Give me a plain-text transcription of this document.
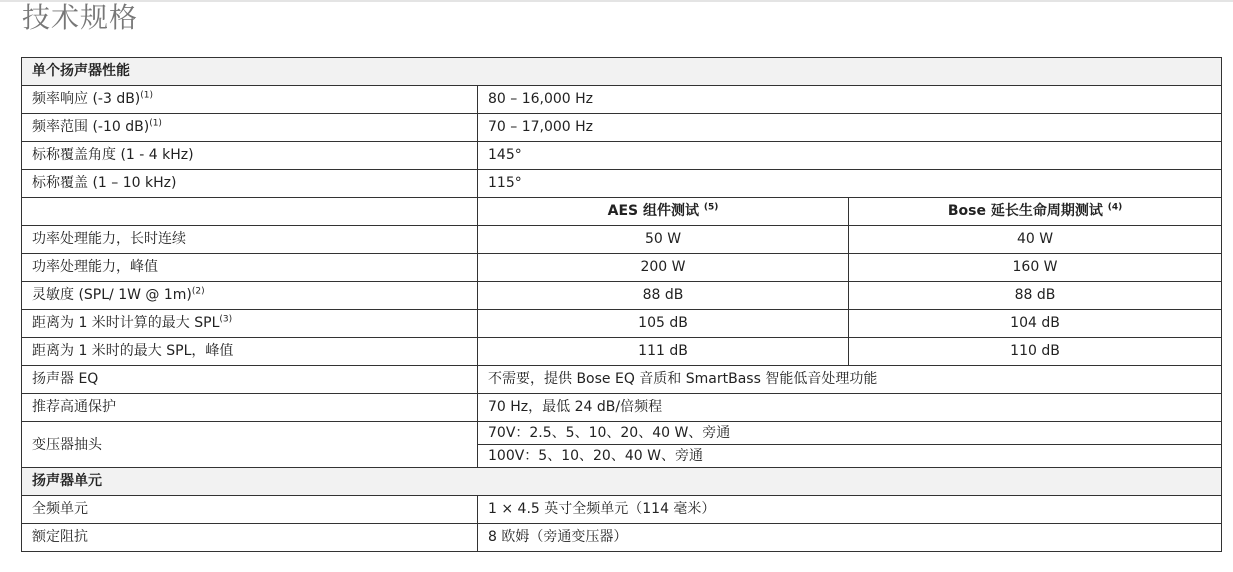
技术规格
单个扬声器性能		
频率响应 (-3 dB)$^{(1)}$	80 – 16,000 Hz	
频率范围 (-10 dB)$^{(1)}$	70 – 17,000 Hz	
标称覆盖角度 (1 - 4 kHz)	145°	
标称覆盖 (1 – 10 kHz)	115°	
	AES 组件测试 $^{(5)}$	Bose 延长生命周期测试 $^{(4)}$
功率处理能力，长时连续	50 W	40 W
功率处理能力，峰值	200 W	160 W
灵敏度 (SPL/ 1W @ 1m)$^{(2)}$	88 dB	88 dB
距离为 1 米时计算的最大 SPL$^{(3)}$	105 dB	104 dB
距离为 1 米时的最大 SPL，峰值	111 dB	110 dB
扬声器 EQ	不需要，提供 Bose EQ 音质和 SmartBass 智能低音处理功能	
推荐高通保护	70 Hz，最低 24 dB/倍频程	
变压器抽头	70V：2.5、5、10、20、40 W、旁通	
	100V：5、10、20、40 W、旁通	
扬声器单元		
全频单元	1 × 4.5 英寸全频单元（114 毫米）	
额定阻抗	8 欧姆（旁通变压器）	
